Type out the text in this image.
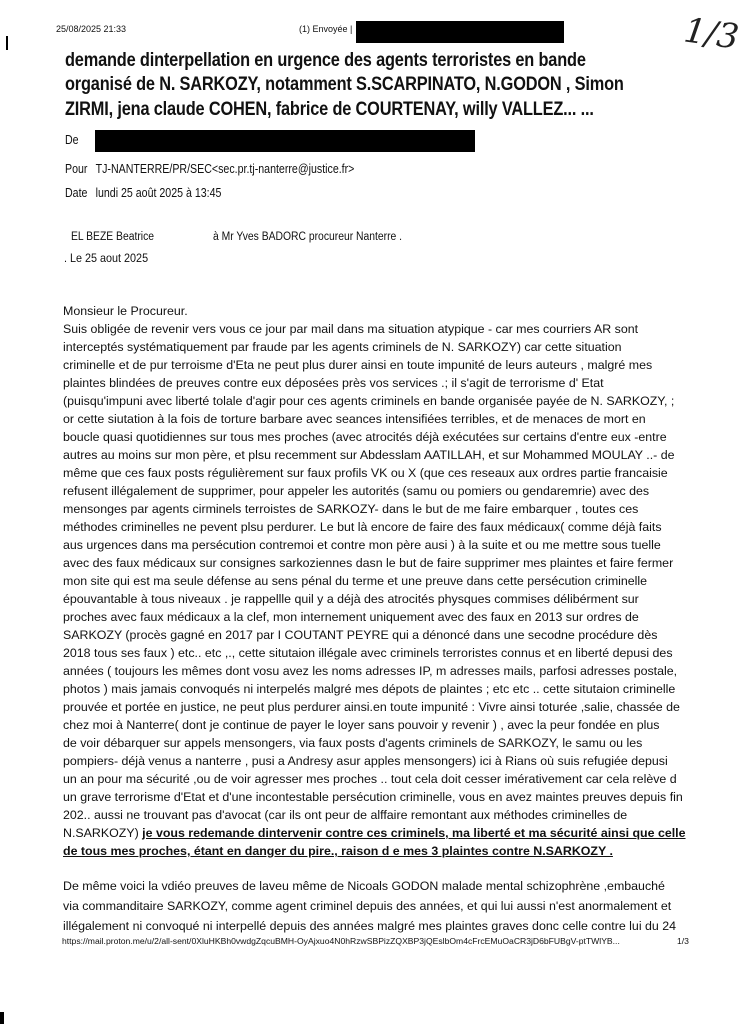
25/08/2025 21:33	(1) Envoyée |	1/3
demande dinterpellation en urgence des agents terroristes en bande
organisé de N. SARKOZY, notamment S.SCARPINATO, N.GODON , Simon
ZIRMI, jena claude COHEN, fabrice de COURTENAY, willy VALLEZ... ...
De
Pour TJ-NANTERRE/PR/SEC<sec.pr.tj-nanterre@justice.fr>
Date lundi 25 août 2025 à 13:45
EL BEZE Beatrice	à Mr Yves BADORC procureur Nanterre .
. Le 25 aout 2025
Monsieur le Procureur.
Suis obligée de revenir vers vous ce jour par mail dans ma situation atypique - car mes courriers AR sont
interceptés systématiquement par fraude par les agents criminels de N. SARKOZY) car cette situation
criminelle et de pur terroisme d'Eta ne peut plus durer ainsi en toute impunité de leurs auteurs , malgré mes
plaintes blindées de preuves contre eux déposées près vos services .; il s'agit de terrorisme d' Etat
(puisqu'impuni avec liberté tolale d'agir pour ces agents criminels en bande organisée payée de N. SARKOZY, ;
or cette siutation à la fois de torture barbare avec seances intensifiées terribles, et de menaces de mort en
boucle quasi quotidiennes sur tous mes proches (avec atrocités déjà exécutées sur certains d'entre eux -entre
autres au moins sur mon père, et plsu recemment sur Abdesslam AATILLAH, et sur Mohammed MOULAY ..- de
même que ces faux posts régulièrement sur faux profils VK ou X (que ces reseaux aux ordres partie francaisie
refusent illégalement de supprimer, pour appeler les autorités (samu ou pomiers ou gendaremrie) avec des
mensonges par agents cirminels terroistes de SARKOZY- dans le but de me faire embarquer , toutes ces
méthodes criminelles ne pevent plsu perdurer. Le but là encore de faire des faux médicaux( comme déjà faits
aus urgences dans ma persécution contremoi et contre mon père ausi ) à la suite et ou me mettre sous tuelle
avec des faux médicaux sur consignes sarkoziennes dasn le but de faire supprimer mes plaintes et faire fermer
mon site qui est ma seule défense au sens pénal du terme et une preuve dans cette persécution criminelle
épouvantable à tous niveaux . je rappellle quil y a déjà des atrocités physques commises délibérment sur
proches avec faux médicaux a la clef, mon internement uniquement avec des faux en 2013 sur ordres de
SARKOZY (procès gagné en 2017 par I COUTANT PEYRE qui a dénoncé dans une secodne procédure dès
2018 tous ses faux ) etc.. etc ,., cette situtaion illégale avec criminels terroristes connus et en liberté depusi des
années ( toujours les mêmes dont vosu avez les noms adresses IP, m adresses mails, parfosi adresses postale,
photos ) mais jamais convoqués ni interpelés malgré mes dépots de plaintes ; etc etc .. cette situtaion criminelle
prouvée et portée en justice, ne peut plus perdurer ainsi.en toute impunité : Vivre ainsi toturée ,salie, chassée de
chez moi à Nanterre( dont je continue de payer le loyer sans pouvoir y revenir ) , avec la peur fondée en plus
de voir débarquer sur appels mensongers, via faux posts d'agents criminels de SARKOZY, le samu ou les
pompiers- déjà venus a nanterre , pusi a Andresy asur apples mensongers) ici à Rians où suis refugiée depusi
un an pour ma sécurité ,ou de voir agresser mes proches .. tout cela doit cesser imérativement car cela relève d
un grave terrorisme d'Etat et d'une incontestable persécution criminelle, vous en avez maintes preuves depuis fin
202.. aussi ne trouvant pas d'avocat (car ils ont peur de alffaire remontant aux méthodes criminelles de
N.SARKOZY) je vous redemande dintervenir contre ces criminels, ma liberté et ma sécurité ainsi que celle
de tous mes proches, étant en danger du pire., raison d e mes 3 plaintes contre N.SARKOZY .
De même voici la vdiéo preuves de laveu même de Nicoals GODON malade mental schizophrène ,embauché
via commanditaire SARKOZY, comme agent criminel depuis des années, et qui lui aussi n'est anormalement et
illégalement ni convoqué ni interpellé depuis des années malgré mes plaintes graves donc celle contre lui du 24
https://mail.proton.me/u/2/all-sent/0XluHKBh0vwdgZqcuBMH-OyAjxuo4N0hRzwSBPizZQXBP3jQEslbOm4cFrcEMuOaCR3jD6bFUBgV-ptTWlYB...	1/3
